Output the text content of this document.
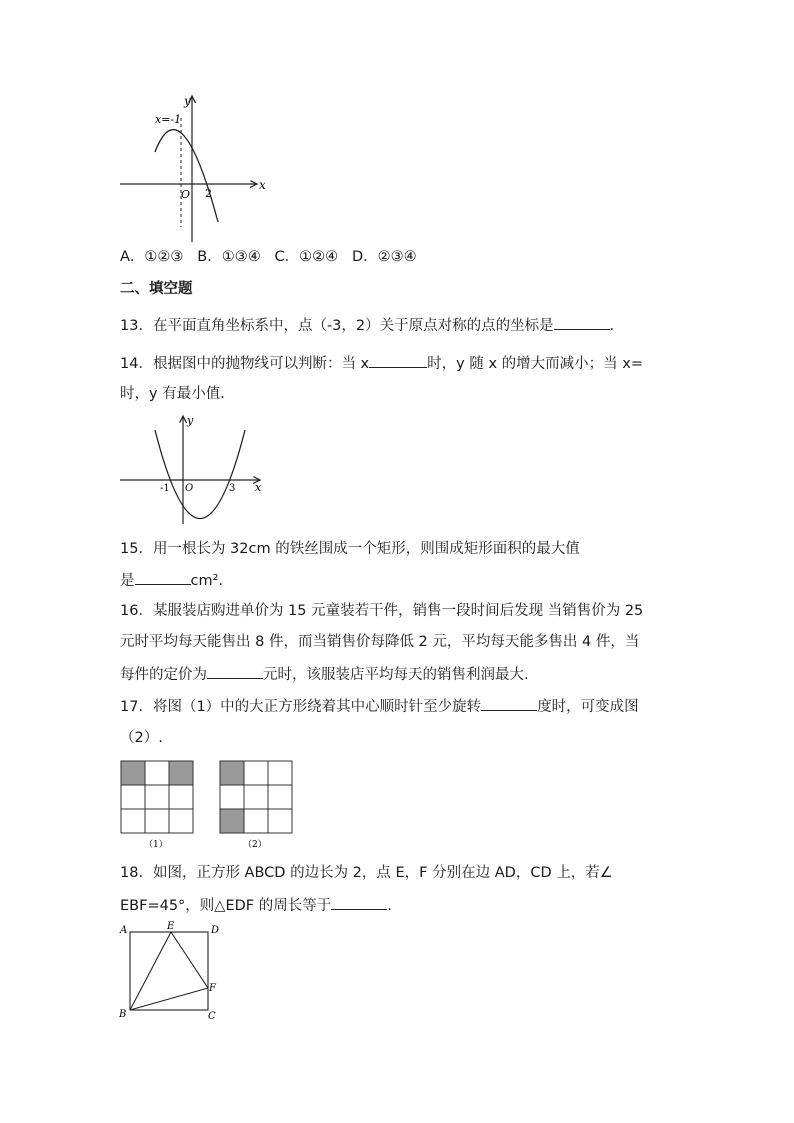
y
x
x=-1
O 2
A．①②③ B．①③④ C．①②④ D．②③④
二、填空题
13．在平面直角坐标系中，点（-3，2）关于原点对称的点的坐标是	．
14．根据图中的抛物线可以判断：当 x	时，y 随 x 的增大而减小；当 x=
时，y 有最小值．
y
x
-1 O	3
15．用一根长为 32cm 的铁丝围成一个矩形，则围成矩形面积的最大值
是	cm².
16．某服装店购进单价为 15 元童装若干件，销售一段时间后发现 当销售价为 25
元时平均每天能售出 8 件，而当销售价每降低 2 元，平均每天能多售出 4 件，当
每件的定价为	元时，该服装店平均每天的销售利润最大.
17．将图（1）中的大正方形绕着其中心顺时针至少旋转	度时，可变成图
（2）.
（1）	（2）
18．如图，正方形 ABCD 的边长为 2，点 E，F 分别在边 AD，CD 上，若∠
EBF=45°，则△EDF 的周长等于	.
A	E	D
F
B	C
